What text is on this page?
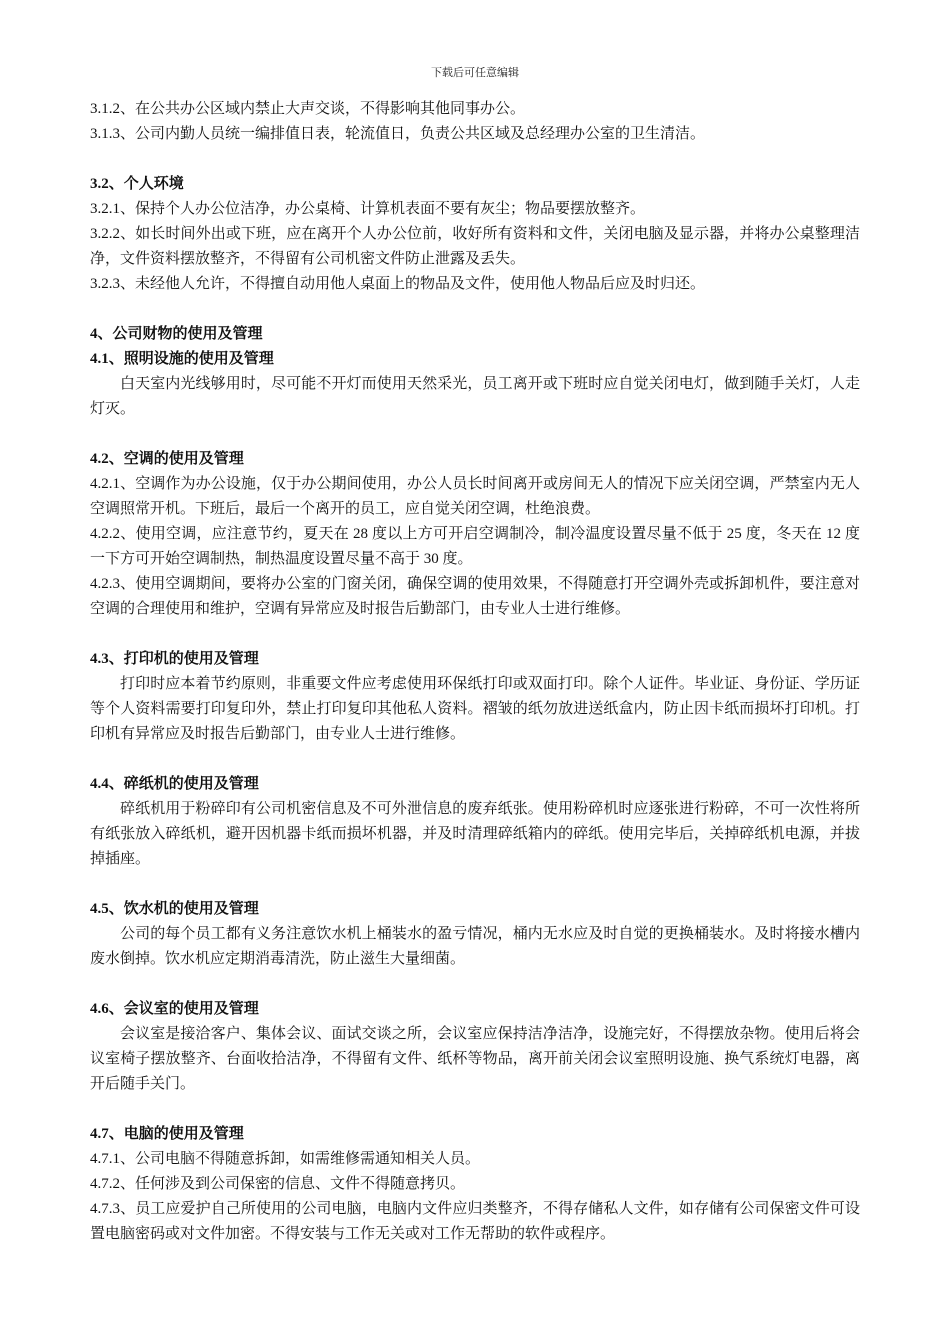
下载后可任意编辑

3.1.2、在公共办公区域内禁止大声交谈，不得影响其他同事办公。

3.1.3、公司内勤人员统一编排值日表，轮流值日，负责公共区域及总经理办公室的卫生清洁。

3.2、个人环境

3.2.1、保持个人办公位洁净，办公桌椅、计算机表面不要有灰尘；物品要摆放整齐。

3.2.2、如长时间外出或下班，应在离开个人办公位前，收好所有资料和文件，关闭电脑及显示器，并将办公桌整理洁净，文件资料摆放整齐，不得留有公司机密文件防止泄露及丢失。

3.2.3、未经他人允许，不得擅自动用他人桌面上的物品及文件，使用他人物品后应及时归还。

4、公司财物的使用及管理

4.1、照明设施的使用及管理

白天室内光线够用时，尽可能不开灯而使用天然采光，员工离开或下班时应自觉关闭电灯，做到随手关灯，人走灯灭。

4.2、空调的使用及管理

4.2.1、空调作为办公设施，仅于办公期间使用，办公人员长时间离开或房间无人的情况下应关闭空调，严禁室内无人空调照常开机。下班后，最后一个离开的员工，应自觉关闭空调，杜绝浪费。

4.2.2、使用空调，应注意节约，夏天在 28 度以上方可开启空调制冷，制冷温度设置尽量不低于 25 度，冬天在 12 度一下方可开始空调制热，制热温度设置尽量不高于 30 度。

4.2.3、使用空调期间，要将办公室的门窗关闭，确保空调的使用效果，不得随意打开空调外壳或拆卸机件，要注意对空调的合理使用和维护，空调有异常应及时报告后勤部门，由专业人士进行维修。

4.3、打印机的使用及管理

打印时应本着节约原则，非重要文件应考虑使用环保纸打印或双面打印。除个人证件。毕业证、身份证、学历证等个人资料需要打印复印外，禁止打印复印其他私人资料。褶皱的纸勿放进送纸盒内，防止因卡纸而损坏打印机。打印机有异常应及时报告后勤部门，由专业人士进行维修。

4.4、碎纸机的使用及管理

碎纸机用于粉碎印有公司机密信息及不可外泄信息的废弃纸张。使用粉碎机时应逐张进行粉碎，不可一次性将所有纸张放入碎纸机，避开因机器卡纸而损坏机器，并及时清理碎纸箱内的碎纸。使用完毕后，关掉碎纸机电源，并拔掉插座。

4.5、饮水机的使用及管理

公司的每个员工都有义务注意饮水机上桶装水的盈亏情况，桶内无水应及时自觉的更换桶装水。及时将接水槽内废水倒掉。饮水机应定期消毒清洗，防止滋生大量细菌。

4.6、会议室的使用及管理

会议室是接洽客户、集体会议、面试交谈之所，会议室应保持洁净洁净，设施完好，不得摆放杂物。使用后将会议室椅子摆放整齐、台面收拾洁净，不得留有文件、纸杯等物品，离开前关闭会议室照明设施、换气系统灯电器，离开后随手关门。

4.7、电脑的使用及管理

4.7.1、公司电脑不得随意拆卸，如需维修需通知相关人员。

4.7.2、任何涉及到公司保密的信息、文件不得随意拷贝。

4.7.3、员工应爱护自己所使用的公司电脑，电脑内文件应归类整齐，不得存储私人文件，如存储有公司保密文件可设置电脑密码或对文件加密。不得安装与工作无关或对工作无帮助的软件或程序。
